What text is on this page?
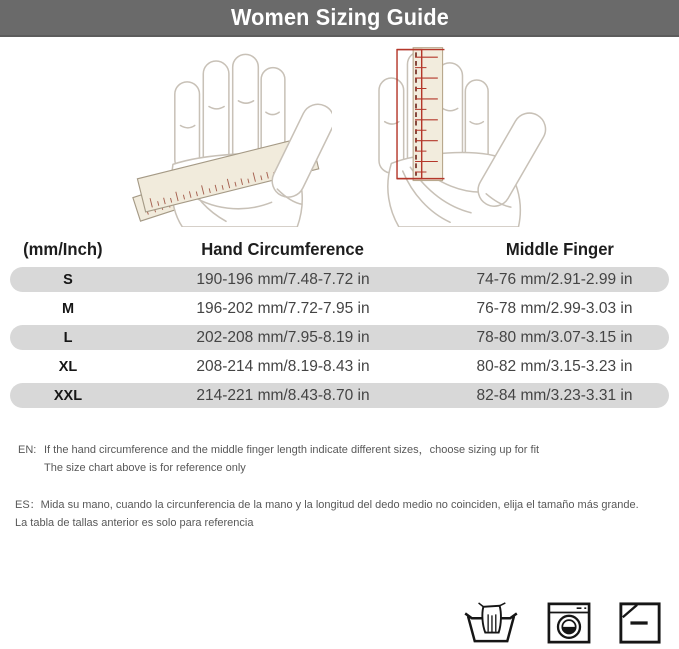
Women Sizing Guide
(mm/Inch)	Hand Circumference	Middle Finger
S	190-196 mm/7.48-7.72 in	74-76 mm/2.91-2.99 in
M	196-202 mm/7.72-7.95 in	76-78 mm/2.99-3.03 in
L	202-208 mm/7.95-8.19 in	78-80 mm/3.07-3.15 in
XL	208-214 mm/8.19-8.43 in	80-82 mm/3.15-3.23 in
XXL	214-221 mm/8.43-8.70 in	82-84 mm/3.23-3.31 in
EN: If the hand circumference and the middle finger length indicate different sizes，choose sizing up for fit
The size chart above is for reference only
ES：Mida su mano, cuando la circunferencia de la mano y la longitud del dedo medio no coinciden, elija el tamaño más grande.
La tabla de tallas anterior es solo para referencia
